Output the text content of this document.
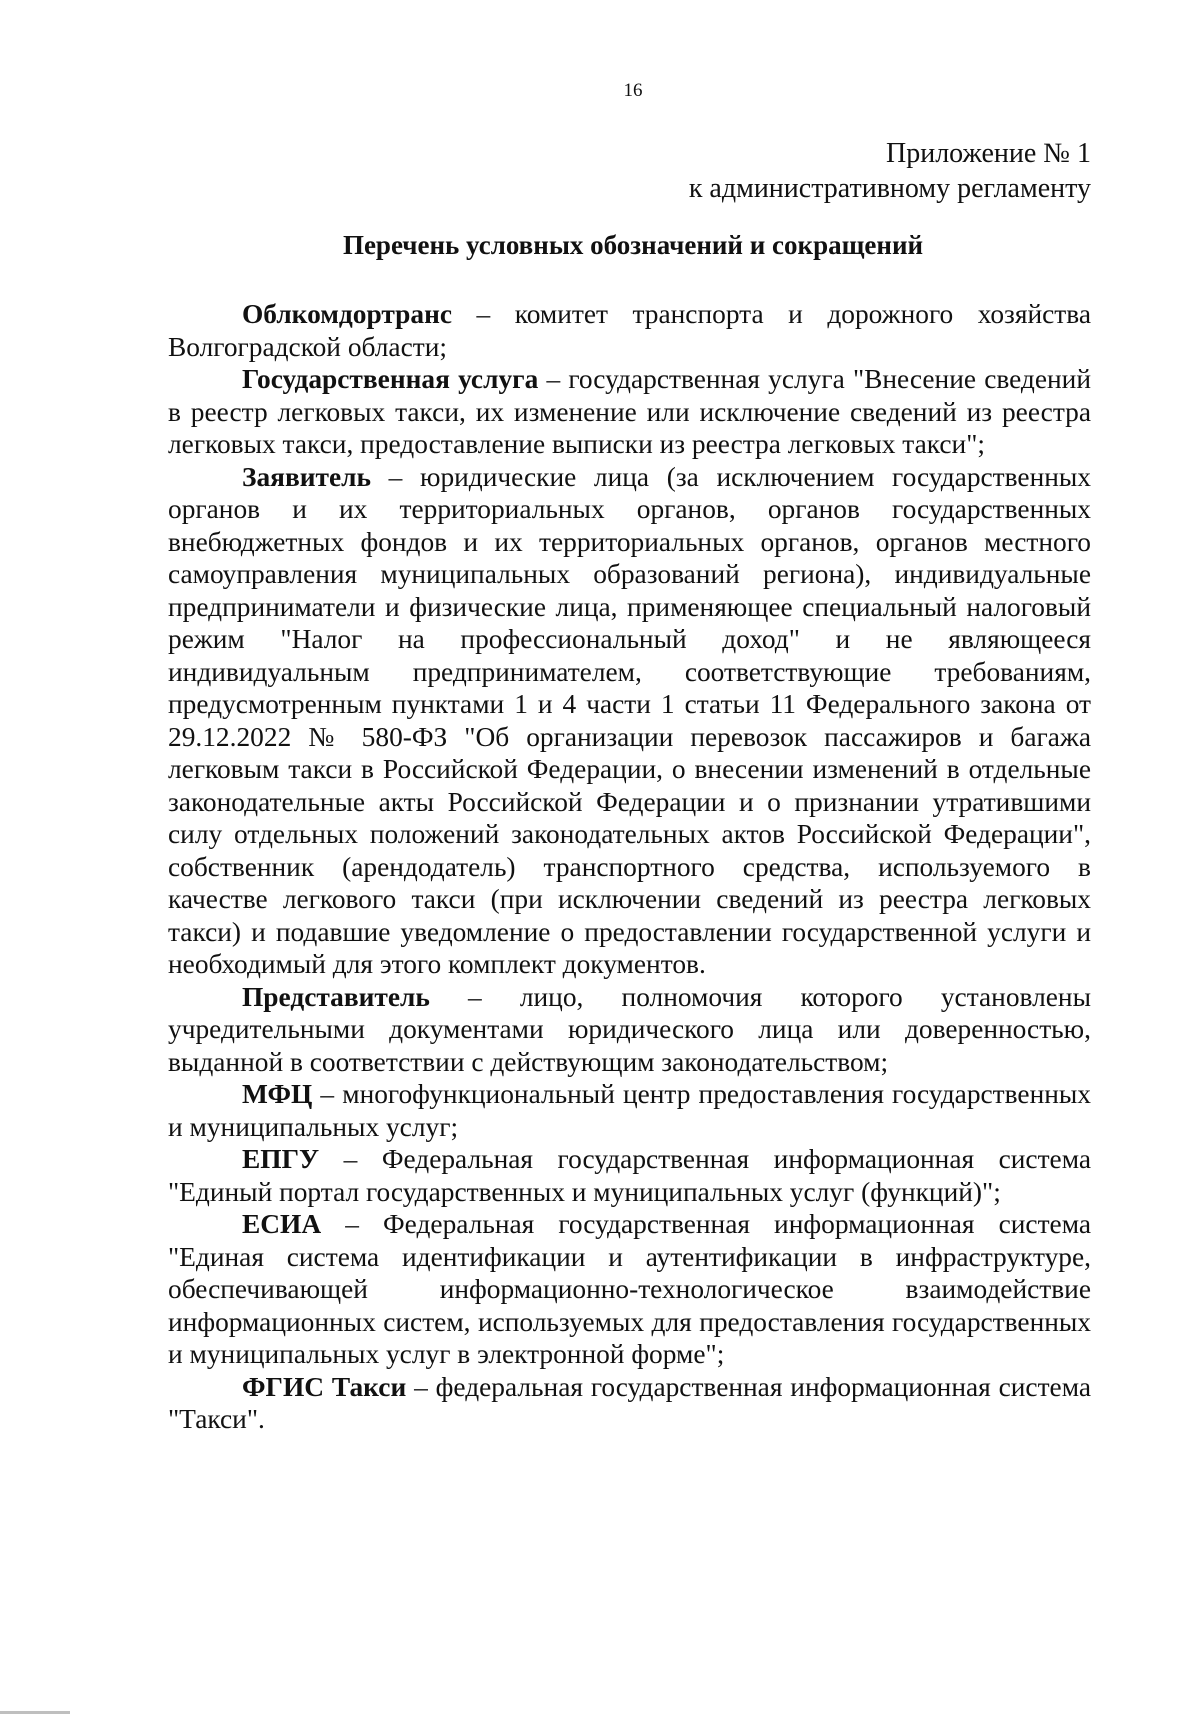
16
Приложение № 1
к административному регламенту
Перечень условных обозначений и сокращений

Облкомдортранс – комитет транспорта и дорожного хозяйства Волгоградской области;

Государственная услуга – государственная услуга "Внесение сведений в реестр легковых такси, их изменение или исключение сведений из реестра легковых такси, предоставление выписки из реестра легковых такси";

Заявитель – юридические лица (за исключением государственных органов и их территориальных органов, органов государственных внебюджетных фондов и их территориальных органов, органов местного самоуправления муниципальных образований региона), индивидуальные предприниматели и физические лица, применяющее специальный налоговый режим "Налог на профессиональный доход" и не являющееся индивидуальным предпринимателем, соответствующие требованиям, предусмотренным пунктами 1 и 4 части 1 статьи 11 Федерального закона от 29.12.2022 № 580-ФЗ "Об организации перевозок пассажиров и багажа легковым такси в Российской Федерации, о внесении изменений в отдельные законодательные акты Российской Федерации и о признании утратившими силу отдельных положений законодательных актов Российской Федерации", собственник (арендодатель) транспортного средства, используемого в качестве легкового такси (при исключении сведений из реестра легковых такси) и подавшие уведомление о предоставлении государственной услуги и необходимый для этого комплект документов.

Представитель – лицо, полномочия которого установлены учредительными документами юридического лица или доверенностью, выданной в соответствии с действующим законодательством;

МФЦ – многофункциональный центр предоставления государственных и муниципальных услуг;

ЕПГУ – Федеральная государственная информационная система "Единый портал государственных и муниципальных услуг (функций)";

ЕСИА – Федеральная государственная информационная система "Единая система идентификации и аутентификации в инфраструктуре, обеспечивающей информационно-технологическое взаимодействие информационных систем, используемых для предоставления государственных и муниципальных услуг в электронной форме";

ФГИС Такси – федеральная государственная информационная система "Такси".
